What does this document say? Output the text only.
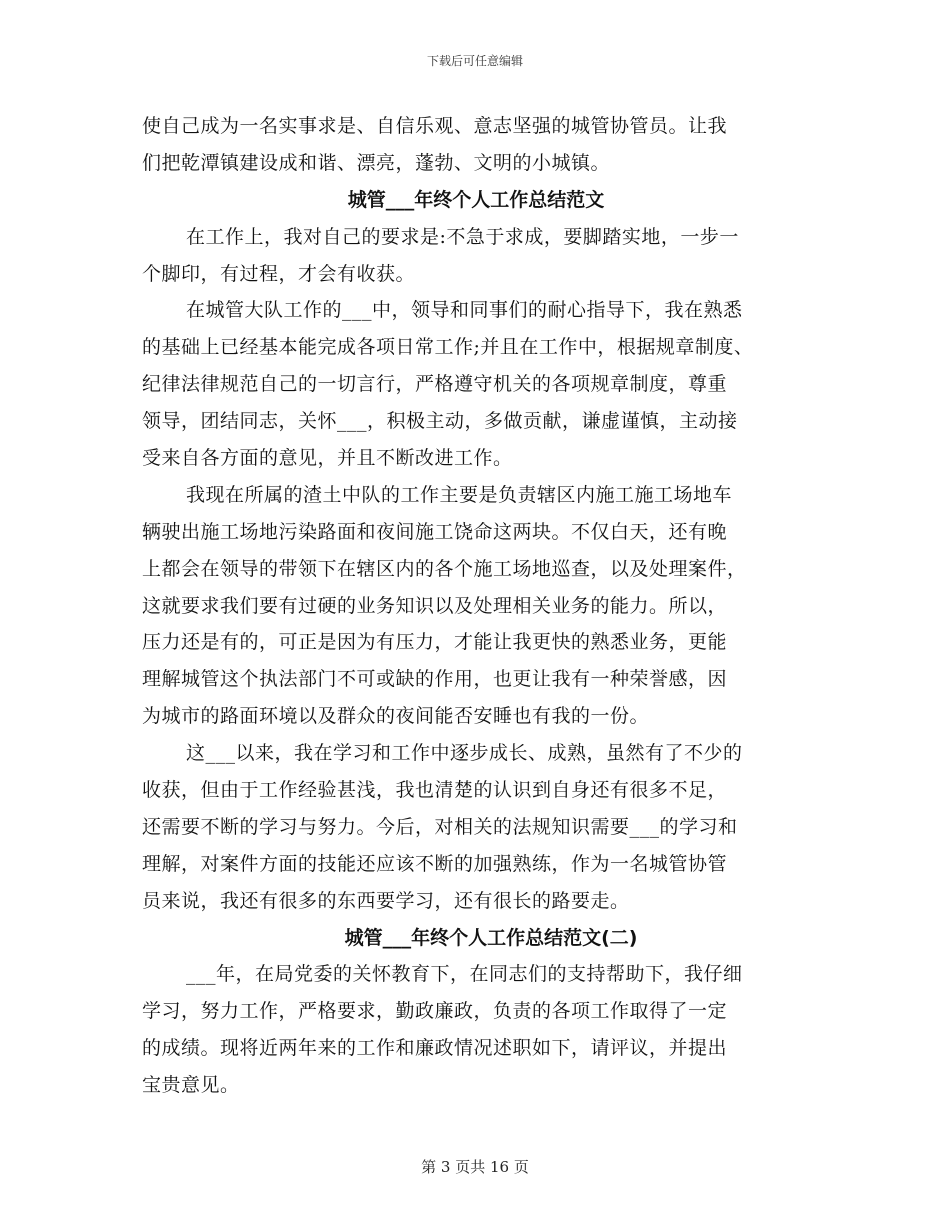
下载后可任意编辑
使自己成为一名实事求是、自信乐观、意志坚强的城管协管员。让我
们把乾潭镇建设成和谐、漂亮，蓬勃、文明的小城镇。
城管___年终个人工作总结范文
在工作上，我对自己的要求是:不急于求成，要脚踏实地，一步一
个脚印，有过程，才会有收获。
在城管大队工作的___中，领导和同事们的耐心指导下，我在熟悉
的基础上已经基本能完成各项日常工作;并且在工作中，根据规章制度、
纪律法律规范自己的一切言行，严格遵守机关的各项规章制度，尊重
领导，团结同志，关怀___，积极主动，多做贡献，谦虚谨慎，主动接
受来自各方面的意见，并且不断改进工作。
我现在所属的渣土中队的工作主要是负责辖区内施工施工场地车
辆驶出施工场地污染路面和夜间施工饶命这两块。不仅白天，还有晚
上都会在领导的带领下在辖区内的各个施工场地巡查，以及处理案件，
这就要求我们要有过硬的业务知识以及处理相关业务的能力。所以，
压力还是有的，可正是因为有压力，才能让我更快的熟悉业务，更能
理解城管这个执法部门不可或缺的作用，也更让我有一种荣誉感，因
为城市的路面环境以及群众的夜间能否安睡也有我的一份。
这___以来，我在学习和工作中逐步成长、成熟，虽然有了不少的
收获，但由于工作经验甚浅，我也清楚的认识到自身还有很多不足，
还需要不断的学习与努力。今后，对相关的法规知识需要___的学习和
理解，对案件方面的技能还应该不断的加强熟练，作为一名城管协管
员来说，我还有很多的东西要学习，还有很长的路要走。
城管___年终个人工作总结范文(二)
___年，在局党委的关怀教育下，在同志们的支持帮助下，我仔细
学习，努力工作，严格要求，勤政廉政，负责的各项工作取得了一定
的成绩。现将近两年来的工作和廉政情况述职如下，请评议，并提出
宝贵意见。
第 3 页共 16 页
